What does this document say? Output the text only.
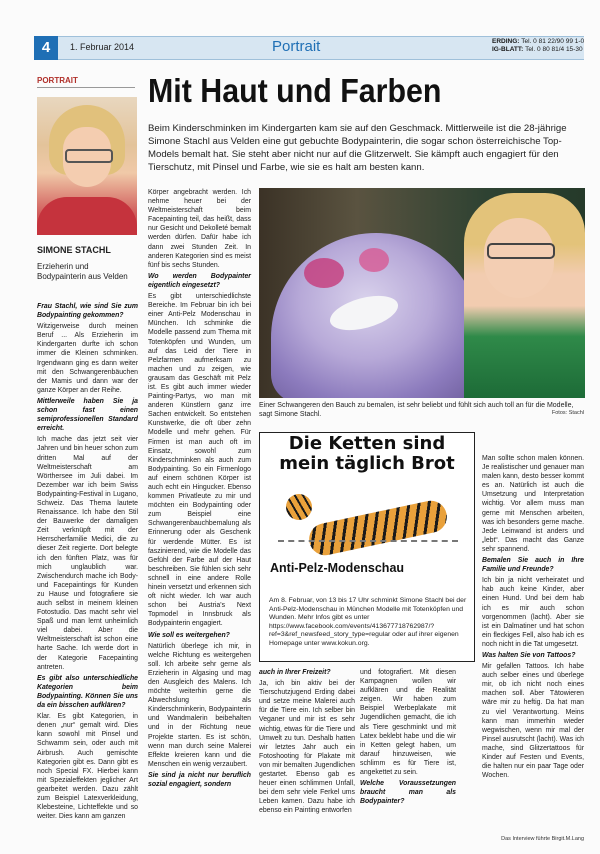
4	1. Februar 2014	Portrait	ERDING: Tel. 0 81 22/90 99 1-0
IG-BLATT: Tel. 0 80 81/4 15-30
PORTRAIT
SIMONE STACHL
Erzieherin und Bodypainterin aus Velden
Mit Haut und Farben
Beim Kinderschminken im Kindergarten kam sie auf den Geschmack. Mittlerweile ist die 28-jährige Simone Stachl aus Velden eine gut gebuchte Bodypainterin, die sogar schon österreichische Top-Models bemalt hat. Sie steht aber nicht nur auf die Glitzerwelt. Sie kämpft auch engagiert für den Tierschutz, mit Pinsel und Farbe, wie sie es halt am besten kann.

Frau Stachl, wie sind Sie zum Bodypainting gekommen?

Witzigerweise durch meinen Beruf ... Als Erzieherin im Kindergarten durfte ich schon immer die Kleinen schminken. Irgendwann ging es dann weiter mit den Schwangerenbäuchen der Mamis und dann war der ganze Körper an der Reihe.

Mittlerweile haben Sie ja schon fast einen semiprofessionellen Standard erreicht.

Ich mache das jetzt seit vier Jahren und bin heuer schon zum dritten Mal auf der Weltmeisterschaft am Wörthersee im Juli dabei. Im Dezember war ich beim Swiss Bodypainting-Festival in Lugano, Schweiz. Das Thema lautete Renaissance. Ich habe den Stil der Bauwerke der damaligen Zeit verknüpft mit der Herrscherfamilie Medici, die zu dieser Zeit regierte. Dort belegte ich den fünften Platz, was für mich unglaublich war. Zwischendurch mache ich Body- und Facepaintings für Kunden zu Hause und fotografiere sie auch selbst in meinem kleinen Fotostudio. Das macht sehr viel Spaß und man lernt unheimlich viel dabei. Aber die Weltmeisterschaft ist schon eine harte Sache. Ich werde dort in der Kategorie Facepainting antreten.

Es gibt also unterschiedliche Kategorien beim Bodypainting. Können Sie uns da ein bisschen aufklären?

Klar. Es gibt Kategorien, in denen „nur“ gemalt wird. Dies kann sowohl mit Pinsel und Schwamm sein, oder auch mit Airbrush. Auch gemischte Kategorien gibt es. Dann gibt es noch Special FX. Hierbei kann mit Spezialeffekten jeglicher Art gearbeitet werden. Dazu zählt zum Beispiel Latexverkleidung, Klebesteine, Lichteffekte und so weiter. Dies kann am ganzen

Körper angebracht werden. Ich nehme heuer bei der Weltmeisterschaft beim Facepainting teil, das heißt, dass nur Gesicht und Dekolleté bemalt werden dürfen. Dafür habe ich dann zwei Stunden Zeit. In anderen Kategorien sind es meist fünf bis sechs Stunden.

Wo werden Bodypainter eigentlich eingesetzt?

Es gibt unterschiedlichste Bereiche. Im Februar bin ich bei einer Anti-Pelz Modenschau in München. Ich schminke die Modelle passend zum Thema mit Totenköpfen und Wunden, um auf das Leid der Tiere in Pelzfarmen aufmerksam zu machen und zu zeigen, wie grausam das Geschäft mit Pelz ist. Es gibt auch immer wieder Painting-Partys, wo man mit anderen Künstlern ganz irre Sachen entwickelt. So entstehen Kunstwerke, die oft über zehn Modelle und mehr gehen. Für Firmen ist man auch oft im Einsatz, sowohl zum Kinderschminken als auch zum Bodypainting. So ein Firmenlogo auf einem schönen Körper ist auch echt ein Hingucker. Ebenso kommen Privatleute zu mir und möchten ein Bodypainting oder zum Beispiel eine Schwangerenbauchbemalung als Erinnerung oder als Geschenk für werdende Mütter. Es ist faszinierend, wie die Modelle das Gefühl der Farbe auf der Haut beschreiben. Sie fühlen sich sehr schnell in eine andere Rolle hinein versetzt und erkennen sich oft nicht wieder. Ich war auch schon bei Austria's Next Topmodel in Innsbruck als Bodypainterin engagiert.

Wie soll es weitergehen?

Natürlich überlege ich mir, in welche Richtung es weitergehen soll. Ich arbeite sehr gerne als Erzieherin in Algasing und mag den Ausgleich des Malens. Ich möchte weiterhin gerne die Abwechslung als Kinderschminkerin, Bodypainterin und Wandmalerin beibehalten und in der Richtung neue Projekte starten. Es ist schön, wenn man durch seine Malerei Effekte kreieren kann und die Menschen ein wenig verzaubert.

Sie sind ja nicht nur beruflich sozial engagiert, sondern

Einer Schwangeren den Bauch zu bemalen, ist sehr beliebt und fühlt sich auch toll an für die Modelle, sagt Simone Stachl.	Fotos: Stachl
Die Ketten sind mein täglich Brot
Anti-Pelz-Modenschau
Am 8. Februar, von 13 bis 17 Uhr schminkt Simone Stachl bei der Anti-Pelz-Modenschau in München Modelle mit Totenköpfen und Wunden. Mehr Infos gibt es unter https://www.facebook.com/events/413677718762987/?ref=3&ref_newsfeed_story_type=regular oder auf ihrer eigenen Homepage unter www.kokun.org.

auch in Ihrer Freizeit?

Ja, ich bin aktiv bei der Tierschutzjugend Erding dabei und setze meine Malerei auch für die Tiere ein. Ich selber bin Veganer und mir ist es sehr wichtig, etwas für die Tiere und Umwelt zu tun. Deshalb hatten wir letztes Jahr auch ein Fotoshooting für Plakate mit von mir bemalten Jugendlichen gestartet. Ebenso gab es heuer einen schlimmen Unfall, bei dem sehr viele Ferkel ums Leben kamen. Dazu habe ich ebenso ein Painting entworfen

und fotografiert. Mit diesen Kampagnen wollen wir aufklären und die Realität zeigen. Wir haben zum Beispiel Werbeplakate mit Jugendlichen gemacht, die ich als Tiere geschminkt und mit Latex beklebt habe und die wir in Ketten gelegt haben, um darauf hinzuweisen, wie schlimm es für Tiere ist, angekettet zu sein.

Welche Voraussetzungen braucht man als Bodypainter?

Man sollte schon malen können. Je realistischer und genauer man malen kann, desto besser kommt es an. Natürlich ist auch die Umsetzung und Interpretation wichtig. Vor allem muss man gerne mit Menschen arbeiten, was ich besonders gerne mache. Jede Leinwand ist anders und „lebt“. Das macht das Ganze sehr spannend.

Bemalen Sie auch in Ihre Familie und Freunde?

Ich bin ja nicht verheiratet und hab auch keine Kinder, aber einen Hund. Und bei dem hab ich es mir auch schon vorgenommen (lacht). Aber sie ist ein Dalmatiner und hat schon ein fleckiges Fell, also hab ich es noch nicht in die Tat umgesetzt.

Was halten Sie von Tattoos?

Mir gefallen Tattoos. Ich habe auch selber eines und überlege mir, ob ich nicht noch eines machen soll. Aber Tätowieren wäre mir zu heftig. Da hat man zu viel Verantwortung. Meins kann man immerhin wieder wegwischen, wenn mir mal der Pinsel ausrutscht (lacht). Was ich mache, sind Glitzertattoos für Kinder auf Festen und Events, die halten nur ein paar Tage oder Wochen.

Das Interview führte Birgit.M.Lang
